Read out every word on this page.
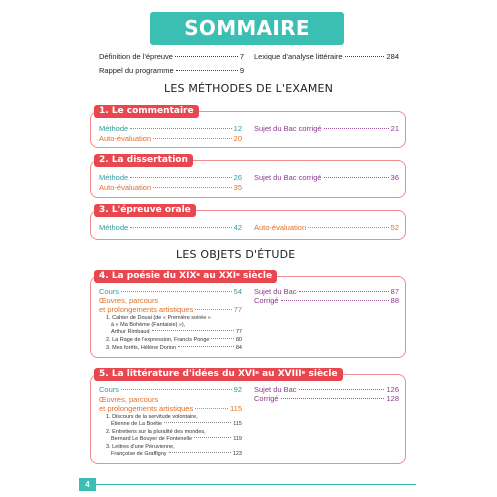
SOMMAIRE
Définition de l'épreuve	7
Rappel du programme	9
Lexique d'analyse littéraire	284
LES MÉTHODES DE L'EXAMEN
1. Le commentaire
Méthode	12
Auto-évaluation	20
Sujet du Bac corrigé	21
2. La dissertation
Méthode	26
Auto-évaluation	35
Sujet du Bac corrigé	36
3. L'épreuve orale
Méthode	42 Auto-évaluation	52
LES OBJETS D'ÉTUDE
4. La poésie du XIXe au XXIe siècle
Cours	54
Œuvres, parcours
et prolongements artistiques	77
1. Cahier de Douai (de « Première soirée »
à « Ma Bohème (Fantaisie) »),
Arthur Rimbaud	77
2. La Rage de l'expression, Francis Ponge	80
3. Mes forêts, Hélène Dorion	84
Sujet du Bac	87
Corrigé	88
5. La littérature d'idées du XVIe au XVIIIe siècle
Cours	92
Œuvres, parcours
et prolongements artistiques	115
1. Discours de la servitude volontaire,
Étienne de La Boétie	115
2. Entretiens sur la pluralité des mondes,
Bernard Le Bouyer de Fontenelle	119
3. Lettres d'une Péruvienne,
Françoise de Graffigny	123
Sujet du Bac	126
Corrigé	128
4
